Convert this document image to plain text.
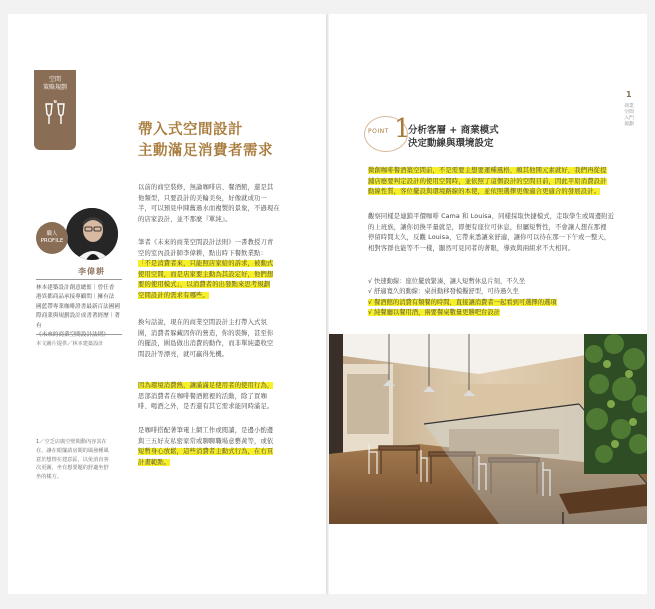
空間
策略規劃
帶入式空間設計
主動滿足消費者需求
以前的商空裝修，無論咖啡店、餐酒館，還是其
他類型，只要設計的美輪美奐，好像就成功一
半，可以預見申陳舊過水而複製的景象，不過現在
的店家設計，並不那麼『單純』。
筆者《未來的商業空間設計法則》一書教授刀青
空的室內設計師李偉耕，點出時下餐飲業點：
「不是消費者來，只能照店家給的訴求，被動式
使用空間，而是店家要主動為其設定好，他們想
要的使用模式」，以消費者的出發點來思考規劃
空間設計的需求有哪些。
換句話說，現在的商業空間設計主打帶入式氛
圍，消費者躲藏因你的營造，你的裝飾，甚至你
的擺設，圍島做出消費的動作，而非單純盡收空
間設計等漂亮，就可贏得先機。
因為環境消費熱，讓滿滿足使用者的使用行為，
思部消費者在咖啡餐酒館裡的活動，除了買咖
啡、喝酒之外，是否還有其它需求能同時滿足。
是咖啡搭配著筆電上網工作或閱讀，是邊小酌邊
與三五好友私密家常或聊聊職場意藝黃等，或依
短暫身心放鬆，這些消費者主動式行為，在右頁
計畫範點。
職人
PROFILE
李偉耕
林本建築設計創意總監｜曾任香
港異都商品承接專顧問｜擁有法
國藍帶專業咖啡證書最新百法國國
際商業與規劃設計成書著經歷｜著有
《未來的商業空間設計法則》
本文圖片提供／林本建築設計
1／空乏店廣空壁間動內容其在
在，讓在眼簾請房間的風發種風
意於想情在建意區，以免消直客
次更圖，坐有想要題的舒適坐舒
坐的樣方。
1
商業空間 入門 規劃
POINT 1
分析客層 + 商業模式
決定動線與環境設定
微創咖啡餐酒築空間前，不是需要主想要運種風格，頗其他開元素就好，我們再從提
鋪店應要判定設計的使用空間時，並依照了這個設計的空間目前，因此平原消費設計
動線性質，客位擺設與環境路線的本使，並依照選擇更像適合更適合的發展設計。
觀察同樣是連鎖平價咖啡 Cama 和 Louisa，同樣採取快捷模式，走取學生或周邊附近
的上班族，讓你切換平量就是，即便有座位可休息，但屬短暫性，不會讓人想在那裡
停留時間太久，反觀 Louisa，它帶來悉讓來舒適，讓你可以待在那一下午或一整天，
相對客群也能等不一樣，顯然可見同者的著眼，導致與兩組求不大相同。
√ 快速動線：座位擺放緊湊，讓人短暫休息片刻，不久坐
√ 舒適寬久的動線：桌員動移發模擬舒型，可待過久坐
√ 餐酒館的消費有類餐的時間，直接讓消費者一起看到可選擇的選項
√ 純餐廳以餐用酒，兩要餐桌數量更勝吧台設計
